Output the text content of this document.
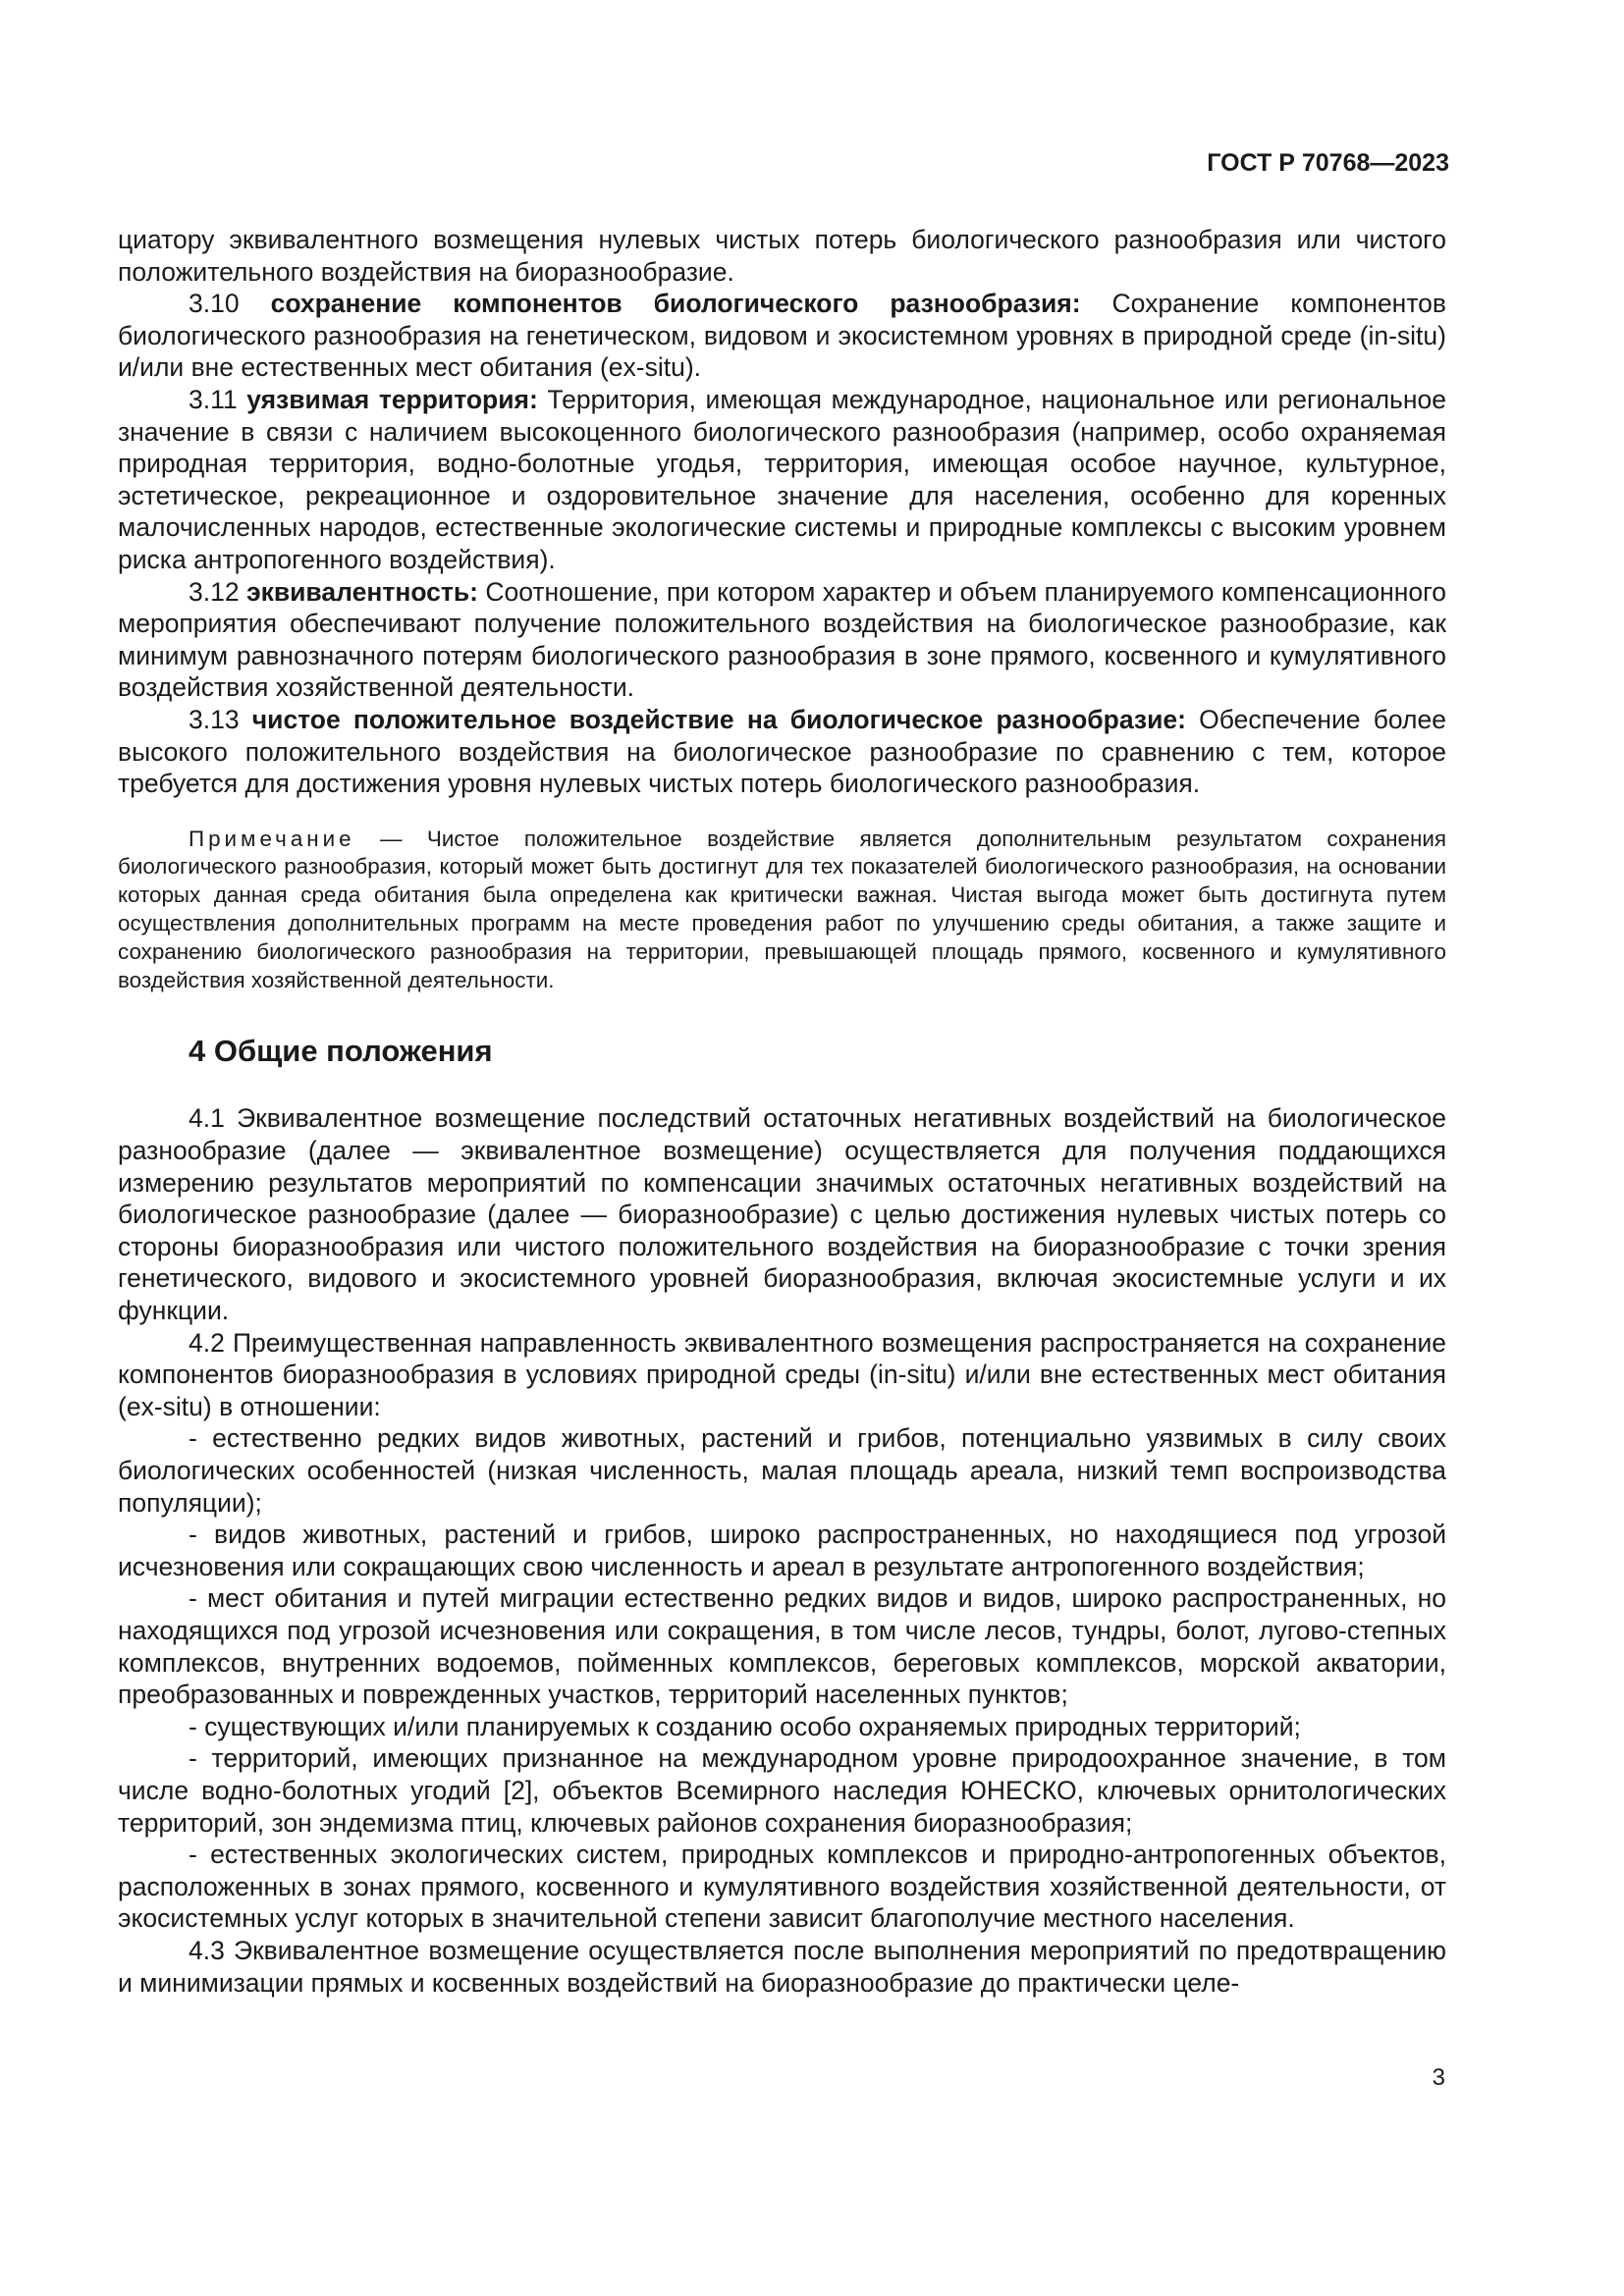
ГОСТ Р 70768—2023

циатору эквивалентного возмещения нулевых чистых потерь биологического разнообразия или чистого положительного воздействия на биоразнообразие.

3.10 сохранение компонентов биологического разнообразия: Сохранение компонентов биологического разнообразия на генетическом, видовом и экосистемном уровнях в природной среде (in-situ) и/или вне естественных мест обитания (ex-situ).

3.11 уязвимая территория: Территория, имеющая международное, национальное или региональное значение в связи с наличием высокоценного биологического разнообразия (например, особо охраняемая природная территория, водно-болотные угодья, территория, имеющая особое научное, культурное, эстетическое, рекреационное и оздоровительное значение для населения, особенно для коренных малочисленных народов, естественные экологические системы и природные комплексы с высоким уровнем риска антропогенного воздействия).

3.12 эквивалентность: Соотношение, при котором характер и объем планируемого компенсационного мероприятия обеспечивают получение положительного воздействия на биологическое разнообразие, как минимум равнозначного потерям биологического разнообразия в зоне прямого, косвенного и кумулятивного воздействия хозяйственной деятельности.

3.13 чистое положительное воздействие на биологическое разнообразие: Обеспечение более высокого положительного воздействия на биологическое разнообразие по сравнению с тем, которое требуется для достижения уровня нулевых чистых потерь биологического разнообразия.

Примечание — Чистое положительное воздействие является дополнительным результатом сохранения биологического разнообразия, который может быть достигнут для тех показателей биологического разнообразия, на основании которых данная среда обитания была определена как критически важная. Чистая выгода может быть достигнута путем осуществления дополнительных программ на месте проведения работ по улучшению среды обитания, а также защите и сохранению биологического разнообразия на территории, превышающей площадь прямого, косвенного и кумулятивного воздействия хозяйственной деятельности.

4 Общие положения

4.1 Эквивалентное возмещение последствий остаточных негативных воздействий на биологическое разнообразие (далее — эквивалентное возмещение) осуществляется для получения поддающихся измерению результатов мероприятий по компенсации значимых остаточных негативных воздействий на биологическое разнообразие (далее — биоразнообразие) с целью достижения нулевых чистых потерь со стороны биоразнообразия или чистого положительного воздействия на биоразнообразие с точки зрения генетического, видового и экосистемного уровней биоразнообразия, включая экосистемные услуги и их функции.

4.2 Преимущественная направленность эквивалентного возмещения распространяется на сохранение компонентов биоразнообразия в условиях природной среды (in-situ) и/или вне естественных мест обитания (ex-situ) в отношении:

- естественно редких видов животных, растений и грибов, потенциально уязвимых в силу своих биологических особенностей (низкая численность, малая площадь ареала, низкий темп воспроизводства популяции);

- видов животных, растений и грибов, широко распространенных, но находящиеся под угрозой исчезновения или сокращающих свою численность и ареал в результате антропогенного воздействия;

- мест обитания и путей миграции естественно редких видов и видов, широко распространенных, но находящихся под угрозой исчезновения или сокращения, в том числе лесов, тундры, болот, лугово-степных комплексов, внутренних водоемов, пойменных комплексов, береговых комплексов, морской акватории, преобразованных и поврежденных участков, территорий населенных пунктов;

- существующих и/или планируемых к созданию особо охраняемых природных территорий;

- территорий, имеющих признанное на международном уровне природоохранное значение, в том числе водно-болотных угодий [2], объектов Всемирного наследия ЮНЕСКО, ключевых орнитологических территорий, зон эндемизма птиц, ключевых районов сохранения биоразнообразия;

- естественных экологических систем, природных комплексов и природно-антропогенных объектов, расположенных в зонах прямого, косвенного и кумулятивного воздействия хозяйственной деятельности, от экосистемных услуг которых в значительной степени зависит благополучие местного населения.

4.3 Эквивалентное возмещение осуществляется после выполнения мероприятий по предотвращению и минимизации прямых и косвенных воздействий на биоразнообразие до практически целе-

3
